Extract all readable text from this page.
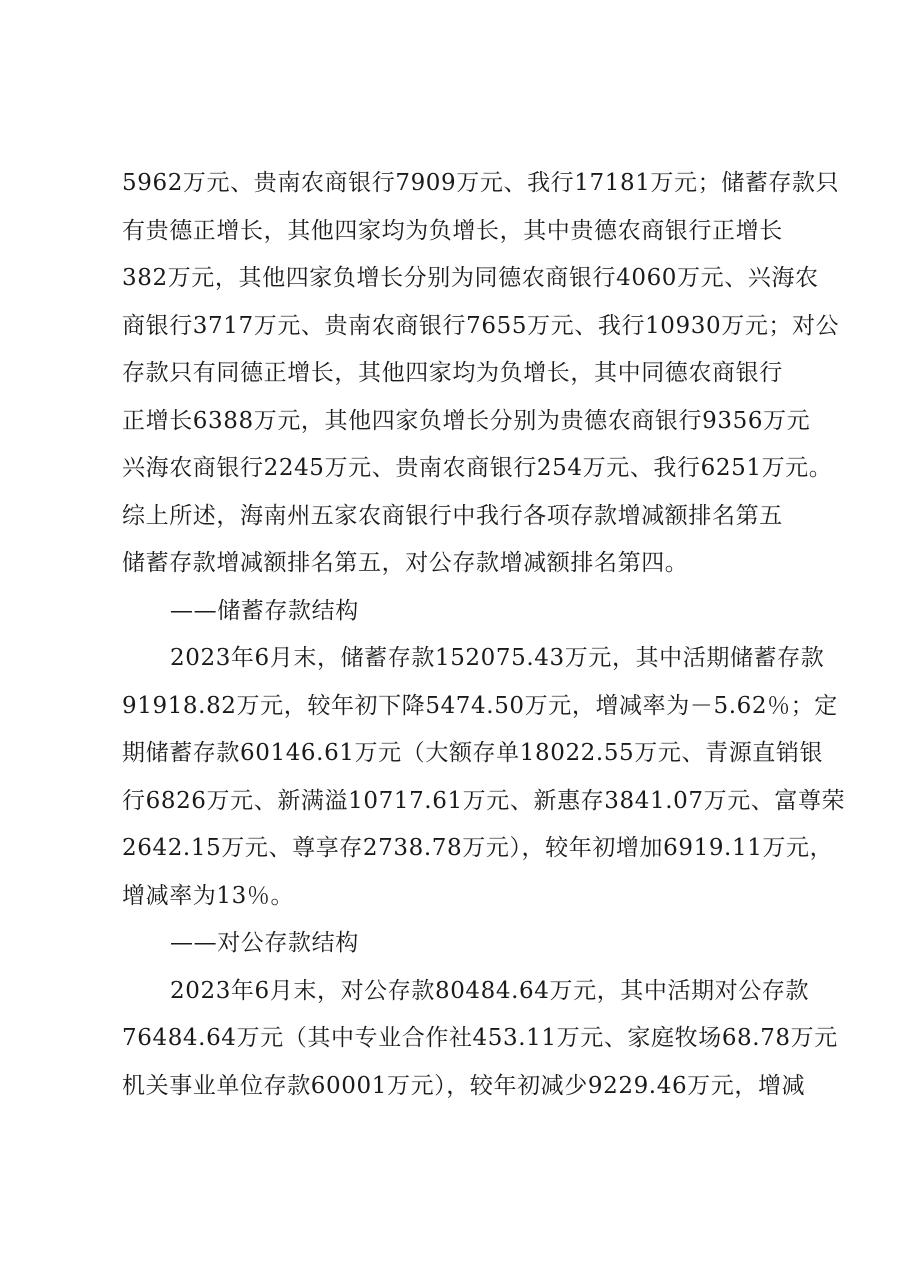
5962万元、贵南农商银行7909万元、我行17181万元；储蓄存款只
有贵德正增长，其他四家均为负增长，其中贵德农商银行正增长
382万元，其他四家负增长分别为同德农商银行4060万元、兴海农
商银行3717万元、贵南农商银行7655万元、我行10930万元；对公
存款只有同德正增长，其他四家均为负增长，其中同德农商银行
正增长6388万元，其他四家负增长分别为贵德农商银行9356万元
兴海农商银行2245万元、贵南农商银行254万元、我行6251万元。
综上所述，海南州五家农商银行中我行各项存款增减额排名第五
储蓄存款增减额排名第五，对公存款增减额排名第四。
——储蓄存款结构
2023年6月末，储蓄存款152075.43万元，其中活期储蓄存款
91918.82万元，较年初下降5474.50万元，增减率为－5.62％；定
期储蓄存款60146.61万元（大额存单18022.55万元、青源直销银
行6826万元、新满溢10717.61万元、新惠存3841.07万元、富尊荣
2642.15万元、尊享存2738.78万元），较年初增加6919.11万元，
增减率为13％。
——对公存款结构
2023年6月末，对公存款80484.64万元，其中活期对公存款
76484.64万元（其中专业合作社453.11万元、家庭牧场68.78万元
机关事业单位存款60001万元），较年初减少9229.46万元，增减
